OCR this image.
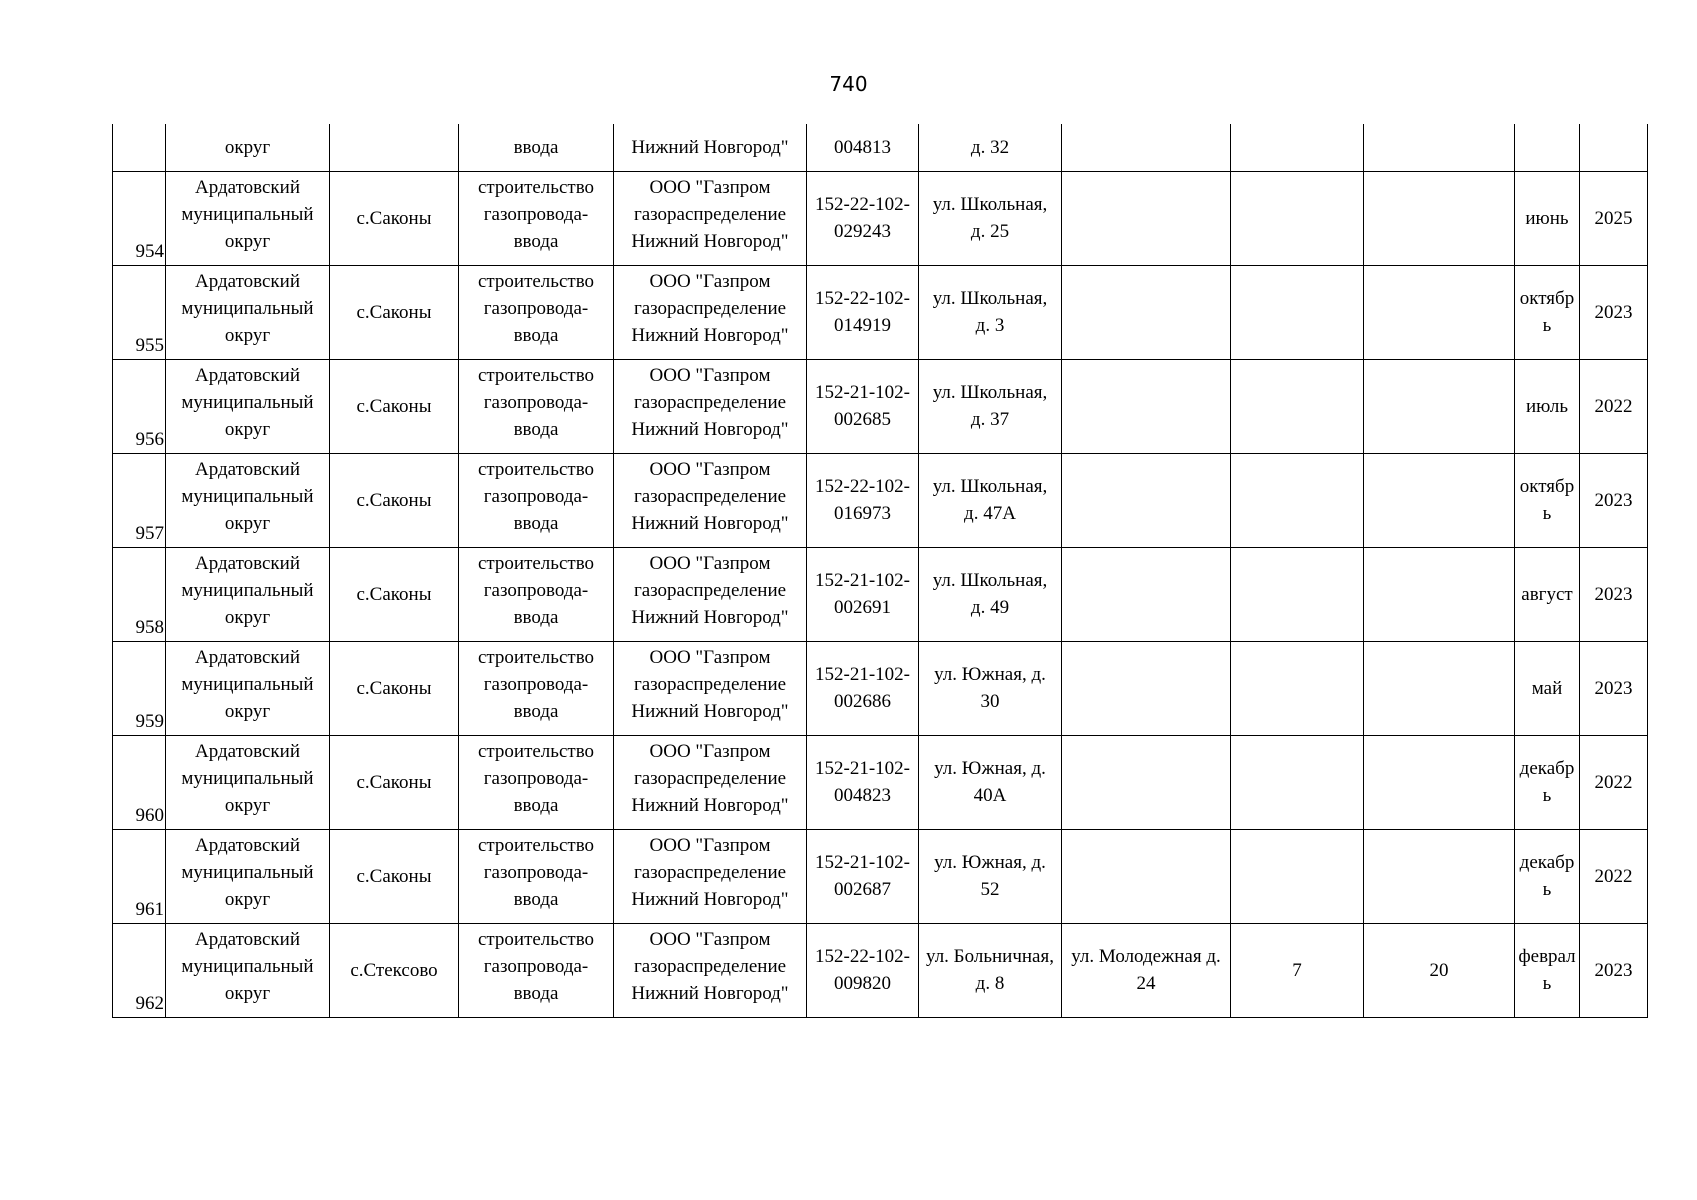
740

	округ		ввода	Нижний Новгород"	004813	д. 32					

954	Ардатовский
муниципальный
округ	с.Саконы	строительство
газопровода-
ввода	ООО "Газпром
газораспределение
Нижний Новгород"	152-22-102-
029243	ул. Школьная,
д. 25				июнь	2025
955	Ардатовский
муниципальный
округ	с.Саконы	строительство
газопровода-
ввода	ООО "Газпром
газораспределение
Нижний Новгород"	152-22-102-
014919	ул. Школьная,
д. 3				октябр
ь	2023
956	Ардатовский
муниципальный
округ	с.Саконы	строительство
газопровода-
ввода	ООО "Газпром
газораспределение
Нижний Новгород"	152-21-102-
002685	ул. Школьная,
д. 37				июль	2022
957	Ардатовский
муниципальный
округ	с.Саконы	строительство
газопровода-
ввода	ООО "Газпром
газораспределение
Нижний Новгород"	152-22-102-
016973	ул. Школьная,
д. 47А				октябр
ь	2023
958	Ардатовский
муниципальный
округ	с.Саконы	строительство
газопровода-
ввода	ООО "Газпром
газораспределение
Нижний Новгород"	152-21-102-
002691	ул. Школьная,
д. 49				август	2023
959	Ардатовский
муниципальный
округ	с.Саконы	строительство
газопровода-
ввода	ООО "Газпром
газораспределение
Нижний Новгород"	152-21-102-
002686	ул. Южная, д.
30				май	2023
960	Ардатовский
муниципальный
округ	с.Саконы	строительство
газопровода-
ввода	ООО "Газпром
газораспределение
Нижний Новгород"	152-21-102-
004823	ул. Южная, д.
40А				декабр
ь	2022
961	Ардатовский
муниципальный
округ	с.Саконы	строительство
газопровода-
ввода	ООО "Газпром
газораспределение
Нижний Новгород"	152-21-102-
002687	ул. Южная, д.
52				декабр
ь	2022
962	Ардатовский
муниципальный
округ	с.Стексово	строительство
газопровода-
ввода	ООО "Газпром
газораспределение
Нижний Новгород"	152-22-102-
009820	ул. Больничная,
д. 8	ул. Молодежная д.
24	7	20	феврал
ь	2023
